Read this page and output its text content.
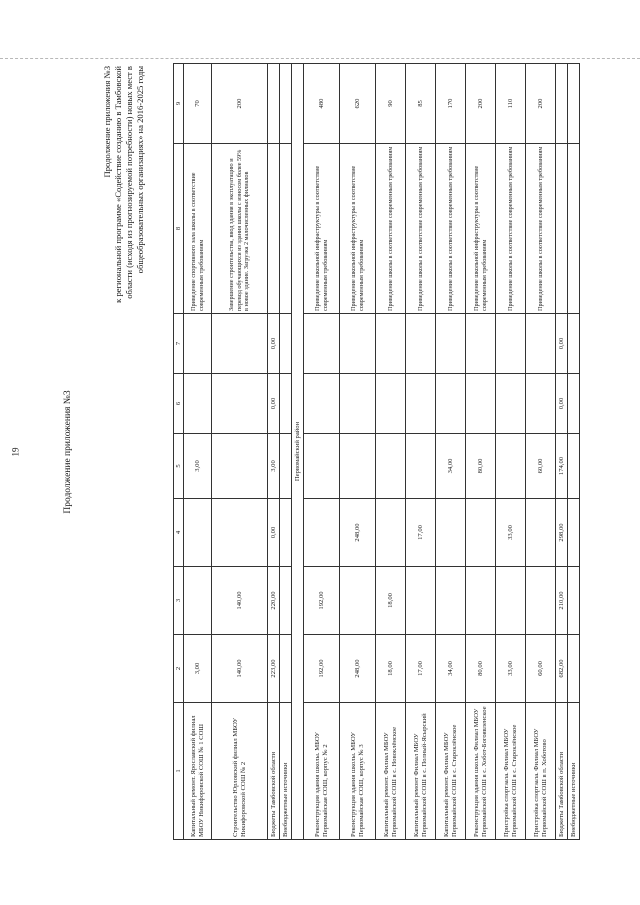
19	Продолжение приложения №3
Продолжение приложения №3 к региональной программе «Содействие созданию в Тамбовской области (исходя из прогнозируемой потребности) новых мест в общеобразовательных организациях» на 2016-2025 годы
1	2	3	4	5	6	7	8	9
Капитальный ремонт. Ярославский филиал МБОУ Никифоровской СОШ № 1 СОШ	3,00			3,00			Приведение спортивного зала школы в соответствие современным требованиям	70
Строительство Юрловский филиал МБОУ Никифоровской СОШ № 2	140,00	140,00					Завершение строительства, ввод здания в эксплуатацию и перевод обучающихся из здания школы с износом более 59% в новое здание. Загрузка 2 малочисленных филиалов	200
Бюджеты Тамбовской области	223,00	220,00	0,00	3,00	0,00	0,00		
Внебюджетные источники								
Первомайский район								
Реконструкция здания школы. МБОУ Первомайская СОШ, корпус № 2	192,00	192,00					Приведение школьной инфраструктуры в соответствие современным требованиям	480
Реконструкция здания школы. МБОУ Первомайская СОШ, корпус № 3	248,00		248,00				Приведение школьной инфраструктуры в соответствие современным требованиям	620
Капитальный ремонт. Филиал МБОУ Первомайской СОШ в с. Новоклёнское	18,00	18,00					Приведение школы в соответствие современным требованиям	90
Капитальный ремонт Филиал МБОУ Первомайской СОШ в с. Полный-Ясырский	17,00		17,00				Приведение школы в соответствие современным требованиям	85
Капитальный ремонт. Филиал МБОУ Первомайской СОШ в с. Староклёнское	34,00			34,00			Приведение школы в соответствие современным требованиям	170
Реконструкция здания школы. Филиал МБОУ Первомайской СОШ в с. Хобот-Богоявленское	80,00			80,00			Приведение школьной инфраструктуры в соответствие современным требованиям	200
Пристройка спортзала. Филиал МБОУ Первомайской СОШ в с. Староклёнское	33,00		33,00				Приведение школы в соответствие современным требованиям	110
Пристройка спортзала. Филиал МБОУ Первомайской СОШ в п. Хоботово	60,00			60,00			Приведение школы в соответствие современным требованиям	200
Бюджеты Тамбовской области	682,00	210,00	298,00	174,00	0,00	0,00		
Внебюджетные источники								
